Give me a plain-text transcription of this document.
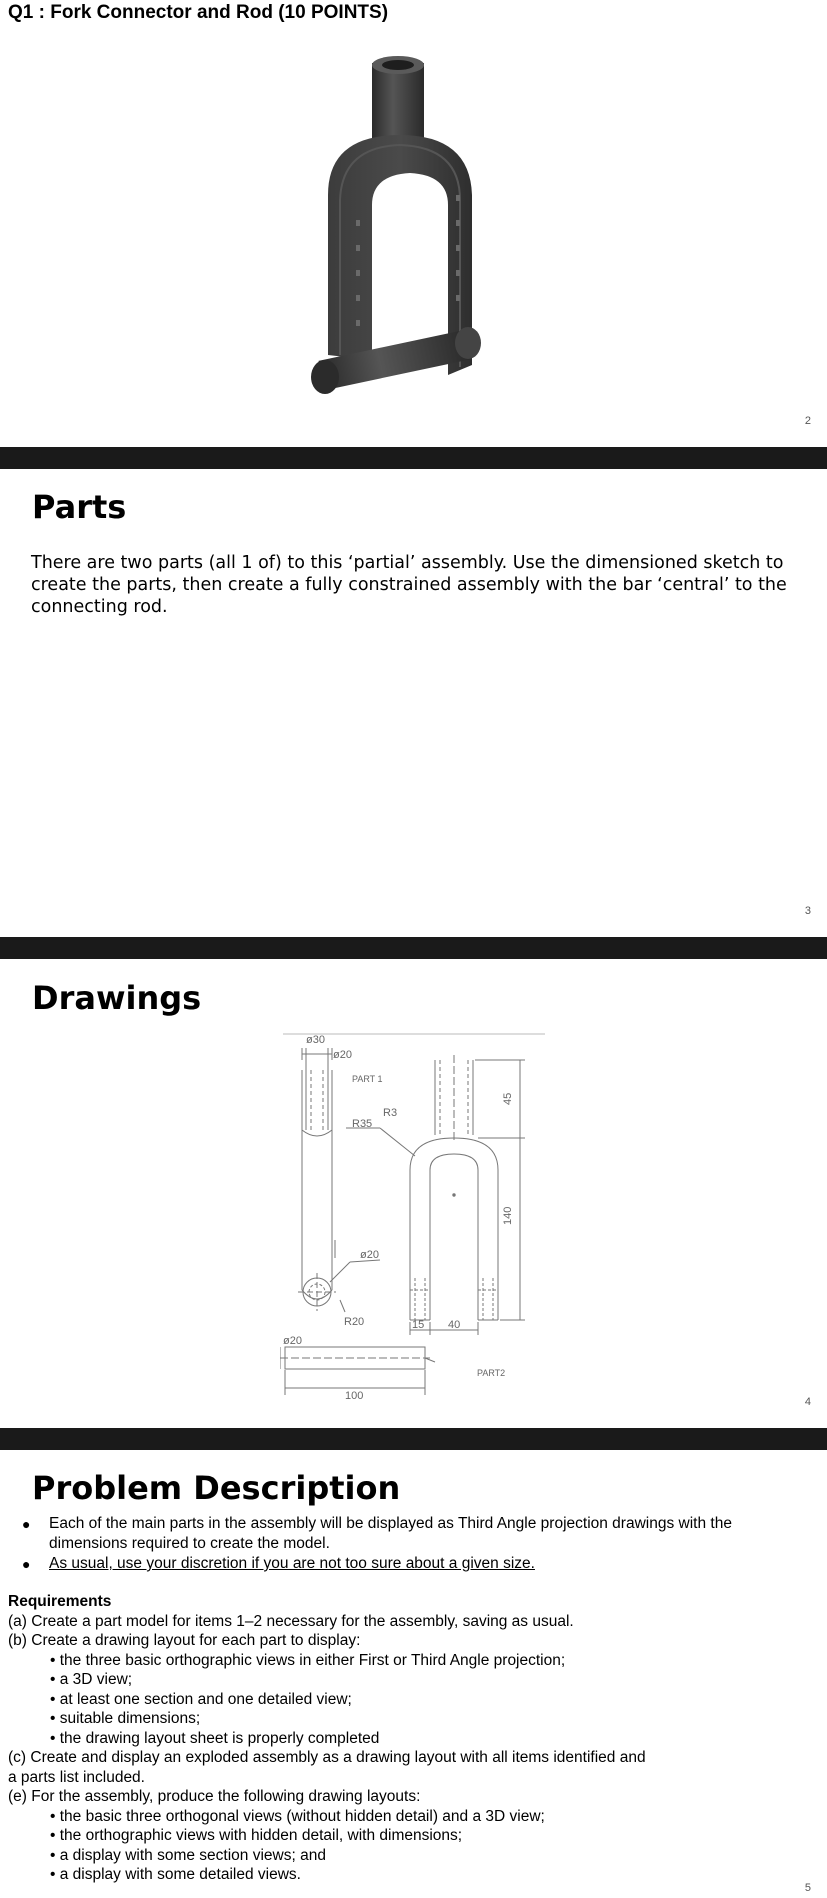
Q1 : Fork Connector and Rod (10 POINTS)
2
Parts
There are two parts (all 1 of) to this ‘partial’ assembly. Use the dimensioned sketch to create the parts, then create a fully constrained assembly with the bar ‘central’ to the connecting rod.
3
Drawings
ø30
ø20
PART 1
R3
R35
45
140
ø20
R20	15 40
ø20
PART2
100	4
Problem Description
● Each of the main parts in the assembly will be displayed as Third Angle projection drawings with the dimensions required to create the model.
● As usual, use your discretion if you are not too sure about a given size.
Requirements
(a) Create a part model for items 1–2 necessary for the assembly, saving as usual.
(b) Create a drawing layout for each part to display:
• the three basic orthographic views in either First or Third Angle projection;
• a 3D view;
• at least one section and one detailed view;
• suitable dimensions;
• the drawing layout sheet is properly completed
(c) Create and display an exploded assembly as a drawing layout with all items identified and
a parts list included.
(e) For the assembly, produce the following drawing layouts:
• the basic three orthogonal views (without hidden detail) and a 3D view;
• the orthographic views with hidden detail, with dimensions;
• a display with some section views; and
• a display with some detailed views.
5
